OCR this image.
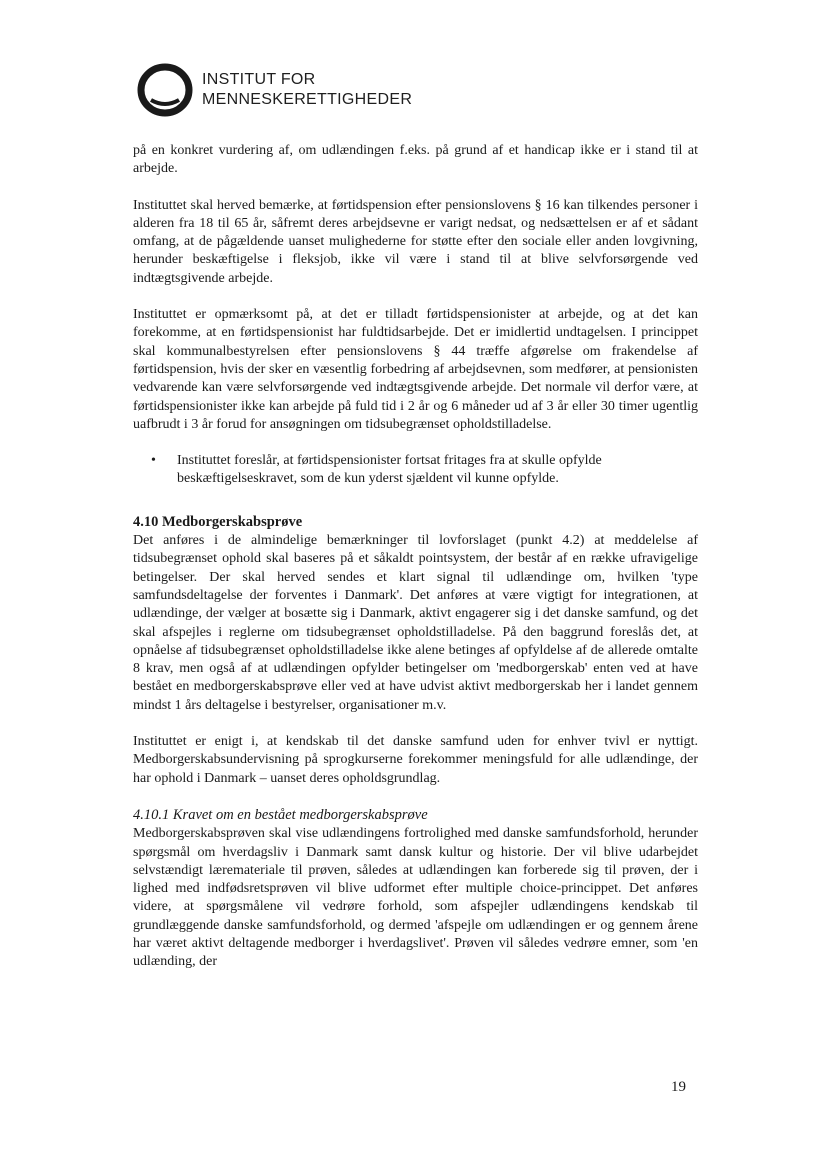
INSTITUT FOR
MENNESKERETTIGHEDER

på en konkret vurdering af, om udlændingen f.eks. på grund af et handicap ikke er i stand til at arbejde.

Instituttet skal herved bemærke, at førtidspension efter pensionslovens § 16 kan tilkendes personer i alderen fra 18 til 65 år, såfremt deres arbejdsevne er varigt nedsat, og nedsættelsen er af et sådant omfang, at de pågældende uanset mulighederne for støtte efter den sociale eller anden lovgivning, herunder beskæftigelse i fleksjob, ikke vil være i stand til at blive selvforsørgende ved indtægtsgivende arbejde.

Instituttet er opmærksomt på, at det er tilladt førtidspensionister at arbejde, og at det kan forekomme, at en førtidspensionist har fuldtidsarbejde. Det er imidlertid undtagelsen. I princippet skal kommunalbestyrelsen efter pensionslovens § 44 træffe afgørelse om frakendelse af førtidspension, hvis der sker en væsentlig forbedring af arbejdsevnen, som medfører, at pensionisten vedvarende kan være selvforsørgende ved indtægtsgivende arbejde. Det normale vil derfor være, at førtidspensionister ikke kan arbejde på fuld tid i 2 år og 6 måneder ud af 3 år eller 30 timer ugentlig uafbrudt i 3 år forud for ansøgningen om tidsubegrænset opholdstilladelse.

•	Instituttet foreslår, at førtidspensionister fortsat fritages fra at skulle opfylde beskæftigelseskravet, som de kun yderst sjældent vil kunne opfylde.
4.10 Medborgerskabsprøve

Det anføres i de almindelige bemærkninger til lovforslaget (punkt 4.2) at meddelelse af tidsubegrænset ophold skal baseres på et såkaldt pointsystem, der består af en række ufravigelige betingelser. Der skal herved sendes et klart signal til udlændinge om, hvilken 'type samfundsdeltagelse der forventes i Danmark'. Det anføres at være vigtigt for integrationen, at udlændinge, der vælger at bosætte sig i Danmark, aktivt engagerer sig i det danske samfund, og det skal afspejles i reglerne om tidsubegrænset opholdstilladelse. På den baggrund foreslås det, at opnåelse af tidsubegrænset opholdstilladelse ikke alene betinges af opfyldelse af de allerede omtalte 8 krav, men også af at udlændingen opfylder betingelser om 'medborgerskab' enten ved at have bestået en medborgerskabsprøve eller ved at have udvist aktivt medborgerskab her i landet gennem mindst 1 års deltagelse i bestyrelser, organisationer m.v.

Instituttet er enigt i, at kendskab til det danske samfund uden for enhver tvivl er nyttigt. Medborgerskabsundervisning på sprogkurserne forekommer meningsfuld for alle udlændinge, der har ophold i Danmark – uanset deres opholdsgrundlag.

4.10.1 Kravet om en bestået medborgerskabsprøve

Medborgerskabsprøven skal vise udlændingens fortrolighed med danske samfundsforhold, herunder spørgsmål om hverdagsliv i Danmark samt dansk kultur og historie. Der vil blive udarbejdet selvstændigt læremateriale til prøven, således at udlændingen kan forberede sig til prøven, der i lighed med indfødsretsprøven vil blive udformet efter multiple choice-princippet. Det anføres videre, at spørgsmålene vil vedrøre forhold, som afspejler udlændingens kendskab til grundlæggende danske samfundsforhold, og dermed 'afspejle om udlændingen er og gennem årene har været aktivt deltagende medborger i hverdagslivet'. Prøven vil således vedrøre emner, som 'en udlænding, der

19
